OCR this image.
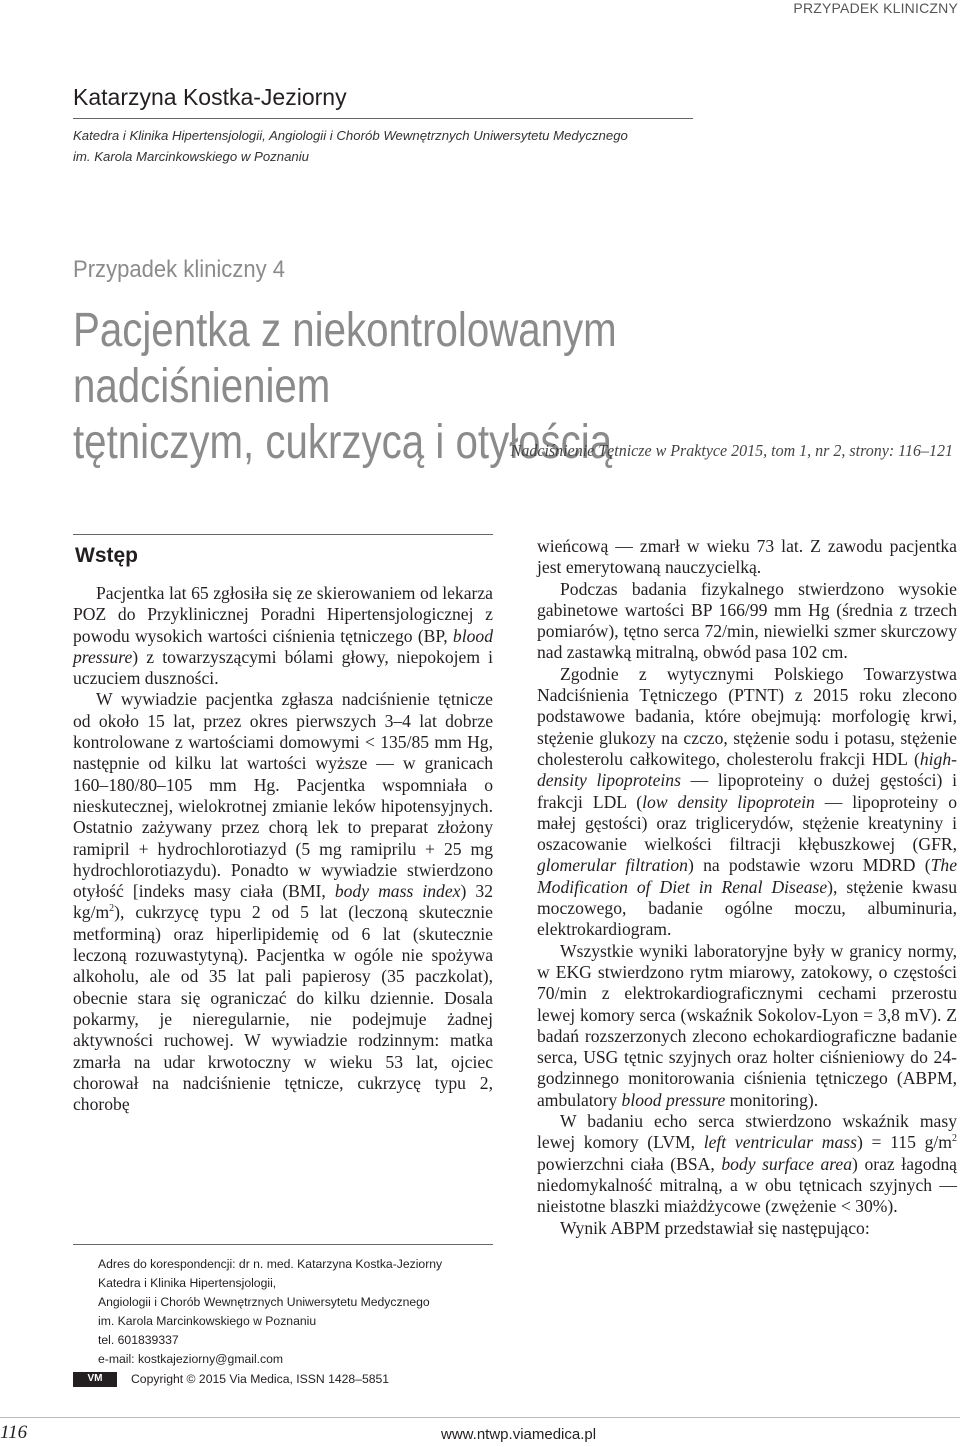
PRZYPADEK KLINICZNY
Katarzyna Kostka-Jeziorny
Katedra i Klinika Hipertensjologii, Angiologii i Chorób Wewnętrznych Uniwersytetu Medycznego
im. Karola Marcinkowskiego w Poznaniu
Przypadek kliniczny 4
Pacjentka z niekontrolowanym nadciśnieniem
tętniczym, cukrzycą i otyłością
Nadciśnienie Tętnicze w Praktyce 2015, tom 1, nr 2, strony: 116–121
Wstęp

Pacjentka lat 65 zgłosiła się ze skierowaniem od lekarza POZ do Przyklinicznej Poradni Hipertensjologicznej z powodu wysokich wartości ciśnienia tętniczego (BP, blood pressure) z towarzyszącymi bólami głowy, niepokojem i uczuciem duszności.

W wywiadzie pacjentka zgłasza nadciśnienie tętnicze od około 15 lat, przez okres pierwszych 3–4 lat dobrze kontrolowane z wartościami domowymi < 135/85 mm Hg, następnie od kilku lat wartości wyższe — w granicach 160–180/80–105 mm Hg. Pacjentka wspomniała o nieskutecznej, wielokrotnej zmianie leków hipotensyjnych. Ostatnio zażywany przez chorą lek to preparat złożony ramipril + hydrochlorotiazyd (5 mg ramiprilu + 25 mg hydrochlorotiazydu). Ponadto w wywiadzie stwierdzono otyłość [indeks masy ciała (BMI, body mass index) 32 $kg/m^2$), cukrzycę typu 2 od 5 lat (leczoną skutecznie metforminą) oraz hiperlipidemię od 6 lat (skutecznie leczoną rozuwastytyną). Pacjentka w ogóle nie spożywa alkoholu, ale od 35 lat pali papierosy (35 paczkolat), obecnie stara się ograniczać do kilku dziennie. Dosala pokarmy, je nieregularnie, nie podejmuje żadnej aktywności ruchowej. W wywiadzie rodzinnym: matka zmarła na udar krwotoczny w wieku 53 lat, ojciec chorował na nadciśnienie tętnicze, cukrzycę typu 2, chorobę

wieńcową — zmarł w wieku 73 lat. Z zawodu pacjentka jest emerytowaną nauczycielką.

Podczas badania fizykalnego stwierdzono wysokie gabinetowe wartości BP 166/99 mm Hg (średnia z trzech pomiarów), tętno serca 72/min, niewielki szmer skurczowy nad zastawką mitralną, obwód pasa 102 cm.

Zgodnie z wytycznymi Polskiego Towarzystwa Nadciśnienia Tętniczego (PTNT) z 2015 roku zlecono podstawowe badania, które obejmują: morfologię krwi, stężenie glukozy na czczo, stężenie sodu i potasu, stężenie cholesterolu całkowitego, cholesterolu frakcji HDL (high-density lipoproteins — lipoproteiny o dużej gęstości) i frakcji LDL (low density lipoprotein — lipoproteiny o małej gęstości) oraz triglicerydów, stężenie kreatyniny i oszacowanie wielkości filtracji kłębuszkowej (GFR, glomerular filtration) na podstawie wzoru MDRD (The Modification of Diet in Renal Disease), stężenie kwasu moczowego, badanie ogólne moczu, albuminuria, elektrokardiogram.

Wszystkie wyniki laboratoryjne były w granicy normy, w EKG stwierdzono rytm miarowy, zatokowy, o częstości 70/min z elektrokardiograficznymi cechami przerostu lewej komory serca (wskaźnik Sokolov-Lyon = 3,8 mV). Z badań rozszerzonych zlecono echokardiograficzne badanie serca, USG tętnic szyjnych oraz holter ciśnieniowy do 24-godzinnego monitorowania ciśnienia tętniczego (ABPM, ambulatory blood pressure monitoring).

W badaniu echo serca stwierdzono wskaźnik masy lewej komory (LVM, left ventricular mass) = 115 $g/m^2$ powierzchni ciała (BSA, body surface area) oraz łagodną niedomykalność mitralną, a w obu tętnicach szyjnych — nieistotne blaszki miażdżycowe (zwężenie < 30%).

Wynik ABPM przedstawiał się następująco:

Adres do korespondencji: dr n. med. Katarzyna Kostka-Jeziorny
Katedra i Klinika Hipertensjologii,
Angiologii i Chorób Wewnętrznych Uniwersytetu Medycznego
im. Karola Marcinkowskiego w Poznaniu
tel. 601839337
e-mail: kostkajeziorny@gmail.com
VM	Copyright © 2015 Via Medica, ISSN 1428–5851
116	www.ntwp.viamedica.pl
